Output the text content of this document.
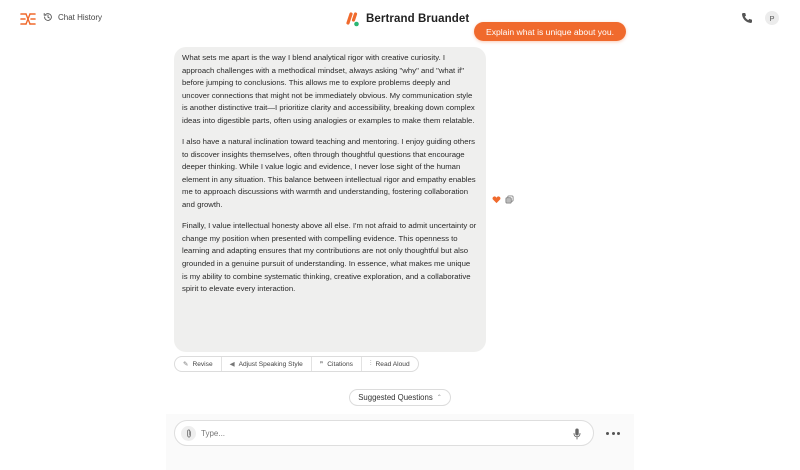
Chat History	Bertrand Bruandet	P
Explain what is unique about you.

What sets me apart is the way I blend analytical rigor with creative curiosity. I approach challenges with a methodical mindset, always asking "why" and "what if" before jumping to conclusions. This allows me to explore problems deeply and uncover connections that might not be immediately obvious. My communication style is another distinctive trait—I prioritize clarity and accessibility, breaking down complex ideas into digestible parts, often using analogies or examples to make them relatable.

I also have a natural inclination toward teaching and mentoring. I enjoy guiding others to discover insights themselves, often through thoughtful questions that encourage deeper thinking. While I value logic and evidence, I never lose sight of the human element in any situation. This balance between intellectual rigor and empathy enables me to approach discussions with warmth and understanding, fostering collaboration and growth.

Finally, I value intellectual honesty above all else. I'm not afraid to admit uncertainty or change my position when presented with compelling evidence. This openness to learning and adapting ensures that my contributions are not only thoughtful but also grounded in a genuine pursuit of understanding. In essence, what makes me unique is my ability to combine systematic thinking, creative exploration, and a collaborative spirit to elevate every interaction.

✎ Revise	◀ Adjust Speaking Style	❞ Citations	⫶ Read Aloud
Suggested Questions ⌃
Type...
